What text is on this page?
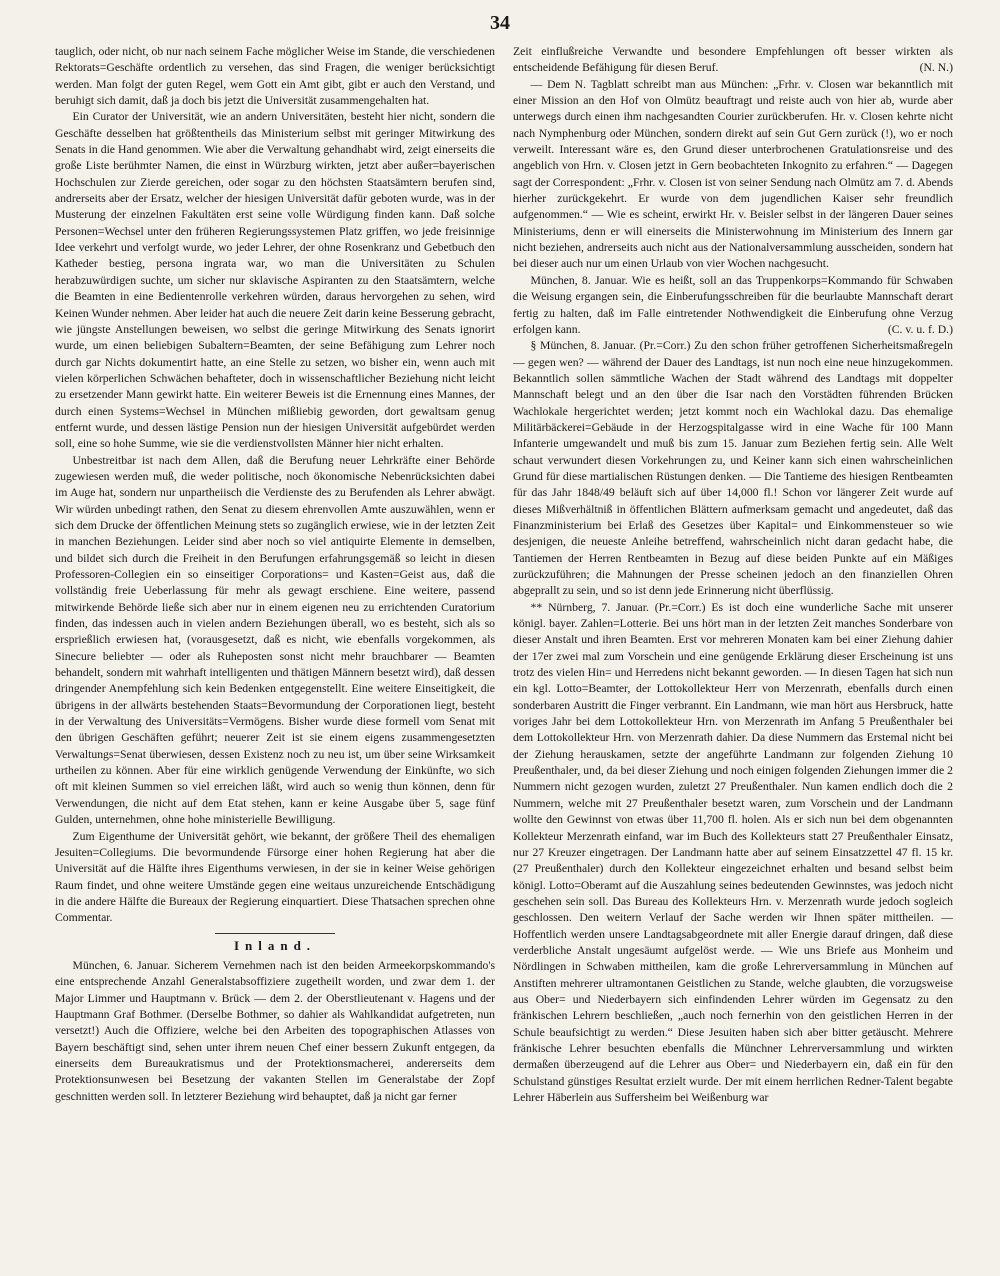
34

tauglich, oder nicht, ob nur nach seinem Fache möglicher Weise im Stande, die verschiedenen Rektorats=Geschäfte ordentlich zu versehen, das sind Fragen, die weniger berücksichtigt werden. Man folgt der guten Regel, wem Gott ein Amt gibt, gibt er auch den Verstand, und beruhigt sich damit, daß ja doch bis jetzt die Universität zusammengehalten hat.

Ein Curator der Universität, wie an andern Universitäten, besteht hier nicht, sondern die Geschäfte desselben hat größtentheils das Ministerium selbst mit geringer Mitwirkung des Senats in die Hand genommen. Wie aber die Verwaltung gehandhabt wird, zeigt einerseits die große Liste berühmter Namen, die einst in Würzburg wirkten, jetzt aber außer=bayerischen Hochschulen zur Zierde gereichen, oder sogar zu den höchsten Staatsämtern berufen sind, andrerseits aber der Ersatz, welcher der hiesigen Universität dafür geboten wurde, was in der Musterung der einzelnen Fakultäten erst seine volle Würdigung finden kann. Daß solche Personen=Wechsel unter den früheren Regierungssystemen Platz griffen, wo jede freisinnige Idee verkehrt und verfolgt wurde, wo jeder Lehrer, der ohne Rosenkranz und Gebetbuch den Katheder bestieg, persona ingrata war, wo man die Universitäten zu Schulen herabzuwürdigen suchte, um sicher nur sklavische Aspiranten zu den Staatsämtern, welche die Beamten in eine Bedientenrolle verkehren würden, daraus hervorgehen zu sehen, wird Keinen Wunder nehmen. Aber leider hat auch die neuere Zeit darin keine Besserung gebracht, wie jüngste Anstellungen beweisen, wo selbst die geringe Mitwirkung des Senats ignorirt wurde, um einen beliebigen Subaltern=Beamten, der seine Befähigung zum Lehrer noch durch gar Nichts dokumentirt hatte, an eine Stelle zu setzen, wo bisher ein, wenn auch mit vielen körperlichen Schwächen behafteter, doch in wissenschaftlicher Beziehung nicht leicht zu ersetzender Mann gewirkt hatte. Ein weiterer Beweis ist die Ernennung eines Mannes, der durch einen Systems=Wechsel in München mißliebig geworden, dort gewaltsam genug entfernt wurde, und dessen lästige Pension nun der hiesigen Universität aufgebürdet werden soll, eine so hohe Summe, wie sie die verdienstvollsten Männer hier nicht erhalten.

Unbestreitbar ist nach dem Allen, daß die Berufung neuer Lehrkräfte einer Behörde zugewiesen werden muß, die weder politische, noch ökonomische Nebenrücksichten dabei im Auge hat, sondern nur unpartheiisch die Verdienste des zu Berufenden als Lehrer abwägt. Wir würden unbedingt rathen, den Senat zu diesem ehrenvollen Amte auszuwählen, wenn er sich dem Drucke der öffentlichen Meinung stets so zugänglich erwiese, wie in der letzten Zeit in manchen Beziehungen. Leider sind aber noch so viel antiquirte Elemente in demselben, und bildet sich durch die Freiheit in den Berufungen erfahrungsgemäß so leicht in diesen Professoren-Collegien ein so einseitiger Corporations= und Kasten=Geist aus, daß die vollständig freie Ueberlassung für mehr als gewagt erschiene. Eine weitere, passend mitwirkende Behörde ließe sich aber nur in einem eigenen neu zu errichtenden Curatorium finden, das indessen auch in vielen andern Beziehungen überall, wo es besteht, sich als so ersprießlich erwiesen hat, (vorausgesetzt, daß es nicht, wie ebenfalls vorgekommen, als Sinecure beliebter — oder als Ruheposten sonst nicht mehr brauchbarer — Beamten behandelt, sondern mit wahrhaft intelligenten und thätigen Männern besetzt wird), daß dessen dringender Anempfehlung sich kein Bedenken entgegenstellt. Eine weitere Einseitigkeit, die übrigens in der allwärts bestehenden Staats=Bevormundung der Corporationen liegt, besteht in der Verwaltung des Universitäts=Vermögens. Bisher wurde diese formell vom Senat mit den übrigen Geschäften geführt; neuerer Zeit ist sie einem eigens zusammengesetzten Verwaltungs=Senat überwiesen, dessen Existenz noch zu neu ist, um über seine Wirksamkeit urtheilen zu können. Aber für eine wirklich genügende Verwendung der Einkünfte, wo sich oft mit kleinen Summen so viel erreichen läßt, wird auch so wenig thun können, denn für Verwendungen, die nicht auf dem Etat stehen, kann er keine Ausgabe über 5, sage fünf Gulden, unternehmen, ohne hohe ministerielle Bewilligung.

Zum Eigenthume der Universität gehört, wie bekannt, der größere Theil des ehemaligen Jesuiten=Collegiums. Die bevormundende Fürsorge einer hohen Regierung hat aber die Universität auf die Hälfte ihres Eigenthums verwiesen, in der sie in keiner Weise gehörigen Raum findet, und ohne weitere Umstände gegen eine weitaus unzureichende Entschädigung in die andere Hälfte die Bureaux der Regierung einquartiert. Diese Thatsachen sprechen ohne Commentar.

Inland.

München, 6. Januar. Sicherem Vernehmen nach ist den beiden Armeekorpskommando's eine entsprechende Anzahl Generalstabsoffiziere zugetheilt worden, und zwar dem 1. der Major Limmer und Hauptmann v. Brück — dem 2. der Oberstlieutenant v. Hagens und der Hauptmann Graf Bothmer. (Derselbe Bothmer, so dahier als Wahlkandidat aufgetreten, nun versetzt!) Auch die Offiziere, welche bei den Arbeiten des topographischen Atlasses von Bayern beschäftigt sind, sehen unter ihrem neuen Chef einer bessern Zukunft entgegen, da einerseits dem Bureaukratismus und der Protektionsmacherei, andererseits dem Protektionsunwesen bei Besetzung der vakanten Stellen im Generalstabe der Zopf geschnitten werden soll. In letzterer Beziehung wird behauptet, daß ja nicht gar ferner

Zeit einflußreiche Verwandte und besondere Empfehlungen oft besser wirkten als entscheidende Befähigung für diesen Beruf.	(N. N.)

— Dem N. Tagblatt schreibt man aus München: „Frhr. v. Closen war bekanntlich mit einer Mission an den Hof von Olmütz beauftragt und reiste auch von hier ab, wurde aber unterwegs durch einen ihm nachgesandten Courier zurückberufen. Hr. v. Closen kehrte nicht nach Nymphenburg oder München, sondern direkt auf sein Gut Gern zurück (!), wo er noch verweilt. Interessant wäre es, den Grund dieser unterbrochenen Gratulationsreise und des angeblich von Hrn. v. Closen jetzt in Gern beobachteten Inkognito zu erfahren.“ — Dagegen sagt der Correspondent: „Frhr. v. Closen ist von seiner Sendung nach Olmütz am 7. d. Abends hierher zurückgekehrt. Er wurde von dem jugendlichen Kaiser sehr freundlich aufgenommen.“ — Wie es scheint, erwirkt Hr. v. Beisler selbst in der längeren Dauer seines Ministeriums, denn er will einerseits die Ministerwohnung im Ministerium des Innern gar nicht beziehen, andrerseits auch nicht aus der Nationalversammlung ausscheiden, sondern hat bei dieser auch nur um einen Urlaub von vier Wochen nachgesucht.

München, 8. Januar. Wie es heißt, soll an das Truppenkorps=Kommando für Schwaben die Weisung ergangen sein, die Einberufungsschreiben für die beurlaubte Mannschaft derart fertig zu halten, daß im Falle eintretender Nothwendigkeit die Einberufung ohne Verzug erfolgen kann.	(C. v. u. f. D.)

§ München, 8. Januar. (Pr.=Corr.) Zu den schon früher getroffenen Sicherheitsmaßregeln — gegen wen? — während der Dauer des Landtags, ist nun noch eine neue hinzugekommen. Bekanntlich sollen sämmtliche Wachen der Stadt während des Landtags mit doppelter Mannschaft belegt und an den über die Isar nach den Vorstädten führenden Brücken Wachlokale hergerichtet werden; jetzt kommt noch ein Wachlokal dazu. Das ehemalige Militärbäckerei=Gebäude in der Herzogspitalgasse wird in eine Wache für 100 Mann Infanterie umgewandelt und muß bis zum 15. Januar zum Beziehen fertig sein. Alle Welt schaut verwundert diesen Vorkehrungen zu, und Keiner kann sich einen wahrscheinlichen Grund für diese martialischen Rüstungen denken. — Die Tantieme des hiesigen Rentbeamten für das Jahr 1848/49 beläuft sich auf über 14,000 fl.! Schon vor längerer Zeit wurde auf dieses Mißverhältniß in öffentlichen Blättern aufmerksam gemacht und angedeutet, daß das Finanzministerium bei Erlaß des Gesetzes über Kapital= und Einkommensteuer so wie desjenigen, die neueste Anleihe betreffend, wahrscheinlich nicht daran gedacht habe, die Tantiemen der Herren Rentbeamten in Bezug auf diese beiden Punkte auf ein Mäßiges zurückzuführen; die Mahnungen der Presse scheinen jedoch an den finanziellen Ohren abgeprallt zu sein, und so ist denn jede Erinnerung nicht überflüssig.

** Nürnberg, 7. Januar. (Pr.=Corr.) Es ist doch eine wunderliche Sache mit unserer königl. bayer. Zahlen=Lotterie. Bei uns hört man in der letzten Zeit manches Sonderbare von dieser Anstalt und ihren Beamten. Erst vor mehreren Monaten kam bei einer Ziehung dahier der 17er zwei mal zum Vorschein und eine genügende Erklärung dieser Erscheinung ist uns trotz des vielen Hin= und Herredens nicht bekannt geworden. — In diesen Tagen hat sich nun ein kgl. Lotto=Beamter, der Lottokollekteur Herr von Merzenrath, ebenfalls durch einen sonderbaren Austritt die Finger verbrannt. Ein Landmann, wie man hört aus Hersbruck, hatte voriges Jahr bei dem Lottokollekteur Hrn. von Merzenrath im Anfang 5 Preußenthaler bei dem Lottokollekteur Hrn. von Merzenrath dahier. Da diese Nummern das Erstemal nicht bei der Ziehung herauskamen, setzte der angeführte Landmann zur folgenden Ziehung 10 Preußenthaler, und, da bei dieser Ziehung und noch einigen folgenden Ziehungen immer die 2 Nummern nicht gezogen wurden, zuletzt 27 Preußenthaler. Nun kamen endlich doch die 2 Nummern, welche mit 27 Preußenthaler besetzt waren, zum Vorschein und der Landmann wollte den Gewinnst von etwas über 11,700 fl. holen. Als er sich nun bei dem obgenannten Kollekteur Merzenrath einfand, war im Buch des Kollekteurs statt 27 Preußenthaler Einsatz, nur 27 Kreuzer eingetragen. Der Landmann hatte aber auf seinem Einsatzzettel 47 fl. 15 kr. (27 Preußenthaler) durch den Kollekteur eingezeichnet erhalten und besand selbst beim königl. Lotto=Oberamt auf die Auszahlung seines bedeutenden Gewinnstes, was jedoch nicht geschehen sein soll. Das Bureau des Kollekteurs Hrn. v. Merzenrath wurde jedoch sogleich geschlossen. Den weitern Verlauf der Sache werden wir Ihnen später mittheilen. — Hoffentlich werden unsere Landtagsabgeordnete mit aller Energie darauf dringen, daß diese verderbliche Anstalt ungesäumt aufgelöst werde. — Wie uns Briefe aus Monheim und Nördlingen in Schwaben mittheilen, kam die große Lehrerversammlung in München auf Anstiften mehrerer ultramontanen Geistlichen zu Stande, welche glaubten, die vorzugsweise aus Ober= und Niederbayern sich einfindenden Lehrer würden im Gegensatz zu den fränkischen Lehrern beschließen, „auch noch fernerhin von den geistlichen Herren in der Schule beaufsichtigt zu werden.“ Diese Jesuiten haben sich aber bitter getäuscht. Mehrere fränkische Lehrer besuchten ebenfalls die Münchner Lehrerversammlung und wirkten dermaßen überzeugend auf die Lehrer aus Ober= und Niederbayern ein, daß ein für den Schulstand günstiges Resultat erzielt wurde. Der mit einem herrlichen Redner-Talent begabte Lehrer Häberlein aus Suffersheim bei Weißenburg war
